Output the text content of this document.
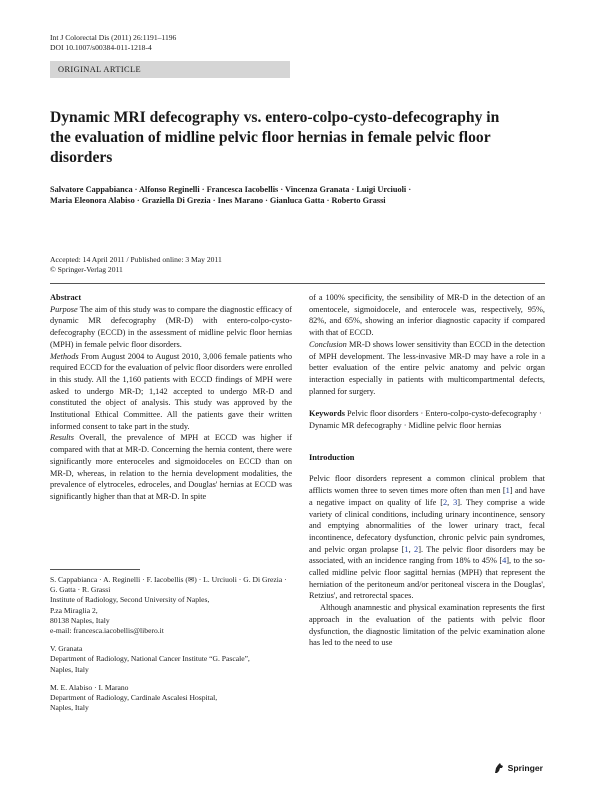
Int J Colorectal Dis (2011) 26:1191–1196
DOI 10.1007/s00384-011-1218-4
ORIGINAL ARTICLE
Dynamic MRI defecography vs. entero-colpo-cysto-defecography in the evaluation of midline pelvic floor hernias in female pelvic floor disorders
Salvatore Cappabianca · Alfonso Reginelli · Francesca Iacobellis · Vincenza Granata · Luigi Urciuoli · Maria Eleonora Alabiso · Graziella Di Grezia · Ines Marano · Gianluca Gatta · Roberto Grassi
Accepted: 14 April 2011 / Published online: 3 May 2011
© Springer-Verlag 2011
Abstract

Purpose The aim of this study was to compare the diagnostic efficacy of dynamic MR defecography (MR-D) with entero-colpo-cysto-defecography (ECCD) in the assessment of midline pelvic floor hernias (MPH) in female pelvic floor disorders.

Methods From August 2004 to August 2010, 3,006 female patients who required ECCD for the evaluation of pelvic floor disorders were enrolled in this study. All the 1,160 patients with ECCD findings of MPH were asked to undergo MR-D; 1,142 accepted to undergo MR-D and constituted the object of analysis. This study was approved by the Institutional Ethical Committee. All the patients gave their written informed consent to take part in the study.

Results Overall, the prevalence of MPH at ECCD was higher if compared with that at MR-D. Concerning the hernia content, there were significantly more enteroceles and sigmoidoceles on ECCD than on MR-D, whereas, in relation to the hernia development modalities, the prevalence of elytroceles, edroceles, and Douglas' hernias at ECCD was significantly higher than that at MR-D. In spite

S. Cappabianca · A. Reginelli · F. Iacobellis (✉) · L. Urciuoli · G. Di Grezia · G. Gatta · R. Grassi
Institute of Radiology, Second University of Naples,
P.za Miraglia 2,
80138 Naples, Italy
e-mail: francesca.iacobellis@libero.it
V. Granata
Department of Radiology, National Cancer Institute “G. Pascale”,
Naples, Italy
M. E. Alabiso · I. Marano
Department of Radiology, Cardinale Ascalesi Hospital,
Naples, Italy

of a 100% specificity, the sensibility of MR-D in the detection of an omentocele, sigmoidocele, and enterocele was, respectively, 95%, 82%, and 65%, showing an inferior diagnostic capacity if compared with that of ECCD.

Conclusion MR-D shows lower sensitivity than ECCD in the detection of MPH development. The less-invasive MR-D may have a role in a better evaluation of the entire pelvic anatomy and pelvic organ interaction especially in patients with multicompartmental defects, planned for surgery.

Keywords Pelvic floor disorders · Entero-colpo-cysto-defecography · Dynamic MR defecography · Midline pelvic floor hernias

Introduction

Pelvic floor disorders represent a common clinical problem that afflicts women three to seven times more often than men [1] and have a negative impact on quality of life [2, 3]. They comprise a wide variety of clinical conditions, including urinary incontinence, sensory and emptying abnormalities of the lower urinary tract, fecal incontinence, defecatory dysfunction, chronic pelvic pain syndromes, and pelvic organ prolapse [1, 2]. The pelvic floor disorders may be associated, with an incidence ranging from 18% to 45% [4], to the so-called midline pelvic floor sagittal hernias (MPH) that represent the herniation of the peritoneum and/or peritoneal viscera in the Douglas', Retzius', and retrorectal spaces.

Although anamnestic and physical examination represents the first approach in the evaluation of the patients with pelvic floor dysfunction, the diagnostic limitation of the pelvic examination alone has led to the need to use

Springer
